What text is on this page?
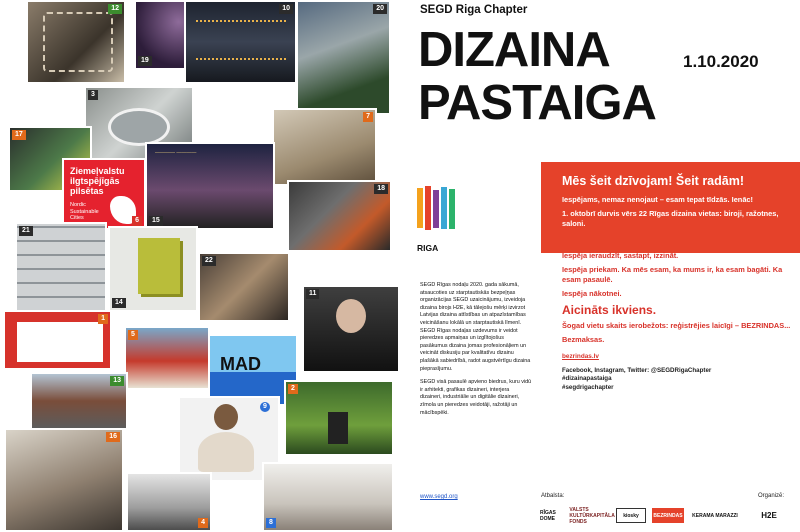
12
19
10	20
3
17
7
Ziemeļvalstu ilgtspējīgās pilsētas
Nordic Sustainable Cities	6
———— ————
15
18
21
14
22
11
1
5
MAD
13
9
2
16
4	8
SEGD Riga Chapter
DIZAINA
PASTAIGA
1.10.2020
RIGA

SEGD Rīgas nodaļu 2020. gada sākumā, atsaucoties uz starptautiskās bezpeļņas organizācijas SEGD uzaicinājumu, izveidoja dizaina birojs H2E, kā tālejošu mērķi izvirzot Latvijas dizaina attīstības un atpazīstamības veicināšanu lokālā un starptautiskā līmenī. SEGD Rīgas nodaļas uzdevums ir veidot pieredzes apmaiņas un izglītojošus pasākumus dizaina jomas profesionāļiem un veicināt diskusiju par kvalitatīvu dizainu plašākā sabiedrībā, radot augstvērtīgu dizaina pieprasījumu.

SEGD visā pasaulē apvieno biedrus, kuru vidū ir arhitekti, grafikas dizaineri, interjera dizaineri, industriālie un digitālie dizaineri, zīmola un pieredzes veidotāji, ražotāji un mācībspēki.

www.segd.org
Mēs šeit dzīvojam! Šeit radām!
Iespējams, nemaz nenojaut – esam tepat tīdzās. Ienāc!
1. oktobrī durvis vērs 22 Rīgas dizaina vietas: biroji, ražotnes, saloni.
Iespēja ieraudzīt, sastapt, izzināt.
Iespēja priekam. Ka mēs esam, ka mums ir, ka esam bagāti. Ka esam pasaulē.
Iespēja nākotnei.
Aicināts ikviens.
Šogad vietu skaits ierobežots: reģistrējies laicīgi – BEZRINDAS...
Bezmaksas.
bezrindas.lv
Facebook, Instagram, Twitter: @SEGDRigaChapter
#dizainapastaiga
#segdrigachapter
Atbalsta:	Organizē:
RĪGAS DOME
VALSTS KULTŪRKAPITĀLA FONDS
kiosky	BEZRINDAS	KERAMA MARAZZI	H2E
